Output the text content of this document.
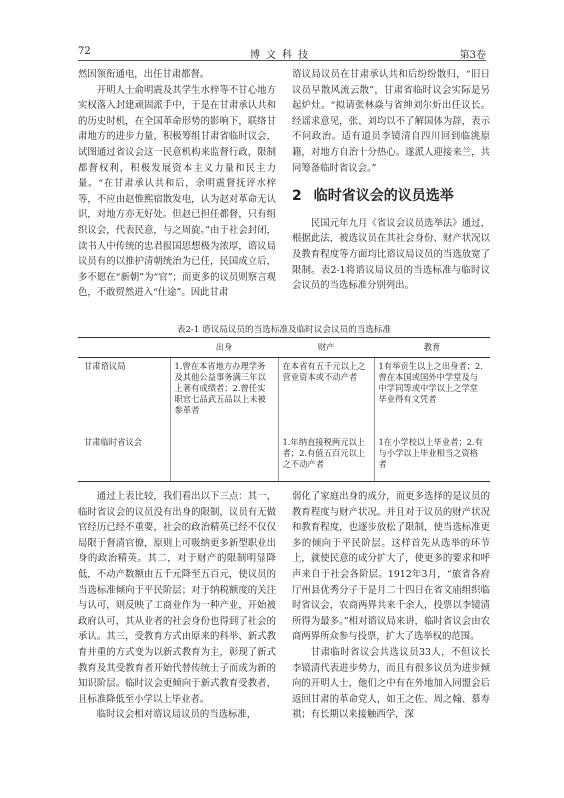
72	博文科技	第3卷

然因领衔通电，出任甘肃都督。

开明人士俞明震及其学生水梓等不甘心地方实权落入封建顽固派手中，于是在甘肃承认共和的历史时机，在全国革命形势的影响下，联络甘肃地方的进步力量，积极筹组甘肃省临时议会，试图通过省议会这一民意机构来监督行政，限制都督权利，积极发展资本主义力量和民主力量。“在甘肃承认共和后，余明震督抚评水梓等，不应由赵惟熙宿散发电，认为赵对革命无认识，对地方亦无好处。但赵已担任都督，只有组织议会，代表民意，与之周旋。”由于社会封闭，读书人中传统的忠君报国思想极为浓厚，谘议局议员有的以推护清朝统治为已任，民国成立后，多不愿在“新朝”为“官”；而更多的议员则察言观色，不敢贸然进入“仕途”。因此甘肃

谘议局议员在甘肃承认共和后纷纷散归，“旧日议员早散风流云散”，甘肃省临时议会实际是另起炉灶。“拟请张林焱与省绅刘尔炘出任议长。经谣求意见，张、刘均以不了解国体为辞，表示不问政治。适有道员李镜清自四川回到临洮原籍，对地方自治十分热心。遂派人迎接来兰，共同筹备临时省议会。”

2 临时省议会的议员选举

民国元年九月《省议会议员选举法》通过，根据此法，被选议员在其社会身份、财产状况以及教育程度等方面均比谘议局议员的当选放宽了限制。表2-1将谘议局议员的当选标准与临时议会议员的当选标准分别列出。

表2-1 谘议局议员的当选标准及临时议会议员的当选标准
	出身	财产	教育
甘肃谘议局	1.曾在本省地方办理学务及其他公益事务满三年以上著有成绩者；2.曾任实职官七品武五品以上未被参革者	在本省有五千元以上之营业资本或不动产者	1有举贡生以上之出身者；2.曾在本国或国外中学堂及与中学同等或中学以上之学堂毕业得有文凭者
甘肃临时省议会		1.年纳直接税两元以上者；2.有值五百元以上之不动产者	1在小学校以上毕业者；2.有与小学以上毕业相当之资格者

通过上表比较，我们看出以下三点：其一，临时省议会的议员没有出身的限制，议员有无做官经历已经不重要，社会的政治精英已经不仅仅局限于督清官僚，原则上可吸纳更多新型职业出身的政治精英。其二，对于财产的限制明显降低，不动产数额由五千元降至五百元，使议员的当选标准倾向于平民阶层；对于纳税额度的关注与认可，则反映了工商业作为一种产业，开始被政府认可，其从业者的社会身份也得到了社会的承认。其三，受教育方式由原来的科举、新式教育并重的方式变为以新式教育为主，彰现了新式教育及其受教育者开始代替传统士子而成为新的知识阶层。临时议会更倾向于新式教育受教者，且标准降低至小学以上毕业者。

临时议会相对谘议局议员的当选标准，

弱化了家庭出身的成分，而更多选择的是议员的教育程度与财产状况。并且对于议员的财产状况和教育程度，也逐步放松了限制，使当选标准更多的倾向于平民阶层。这样首先从选举的环节上，就使民意的成分扩大了，使更多的要求和呼声来自于社会各阶层。1912年3月，“旅省各府厅州县优秀分子于是月二十四日在省文庙组织临时省议会，农商两界共来千余人，投票以李镜清所得为最多。”相对谘议局来讲，临时省议会由农商两界所众参与投票，扩大了选举权的范围。

甘肃临时省议会共选议员33人，不但议长李镜清代表进步势力，而且有很多议员为进步倾向的开明人士，他们之中有在外地加入同盟会后返回甘肃的革命党人，如王之佐、周之翰、慕寿祺；有长期以来接触西学，深
